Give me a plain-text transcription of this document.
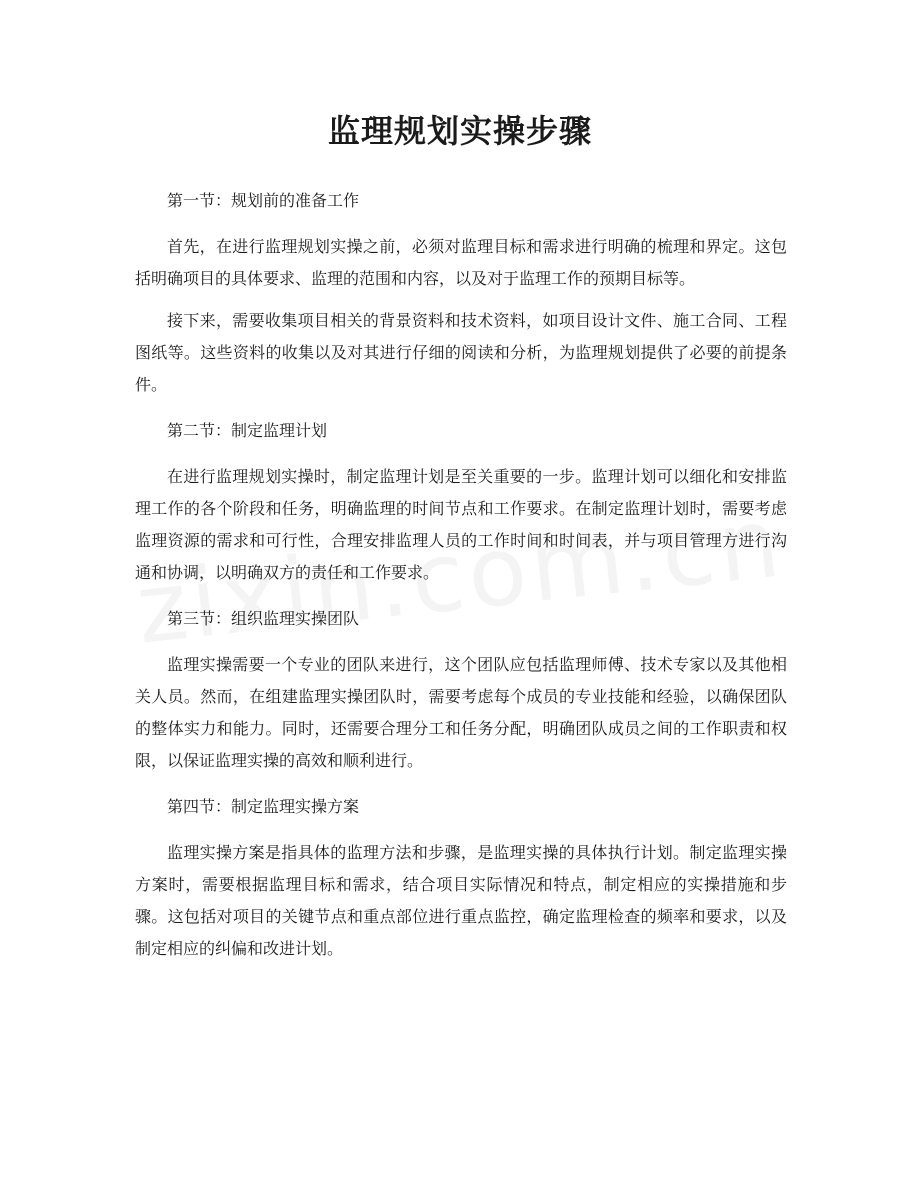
监理规划实操步骤
第一节：规划前的准备工作

首先，在进行监理规划实操之前，必须对监理目标和需求进行明确的梳理和界定。这包括明确项目的具体要求、监理的范围和内容，以及对于监理工作的预期目标等。

接下来，需要收集项目相关的背景资料和技术资料，如项目设计文件、施工合同、工程图纸等。这些资料的收集以及对其进行仔细的阅读和分析，为监理规划提供了必要的前提条件。

第二节：制定监理计划

在进行监理规划实操时，制定监理计划是至关重要的一步。监理计划可以细化和安排监理工作的各个阶段和任务，明确监理的时间节点和工作要求。在制定监理计划时，需要考虑监理资源的需求和可行性，合理安排监理人员的工作时间和时间表，并与项目管理方进行沟通和协调，以明确双方的责任和工作要求。

第三节：组织监理实操团队

监理实操需要一个专业的团队来进行，这个团队应包括监理师傅、技术专家以及其他相关人员。然而，在组建监理实操团队时，需要考虑每个成员的专业技能和经验，以确保团队的整体实力和能力。同时，还需要合理分工和任务分配，明确团队成员之间的工作职责和权限，以保证监理实操的高效和顺利进行。

第四节：制定监理实操方案

监理实操方案是指具体的监理方法和步骤，是监理实操的具体执行计划。制定监理实操方案时，需要根据监理目标和需求，结合项目实际情况和特点，制定相应的实操措施和步骤。这包括对项目的关键节点和重点部位进行重点监控，确定监理检查的频率和要求，以及制定相应的纠偏和改进计划。
